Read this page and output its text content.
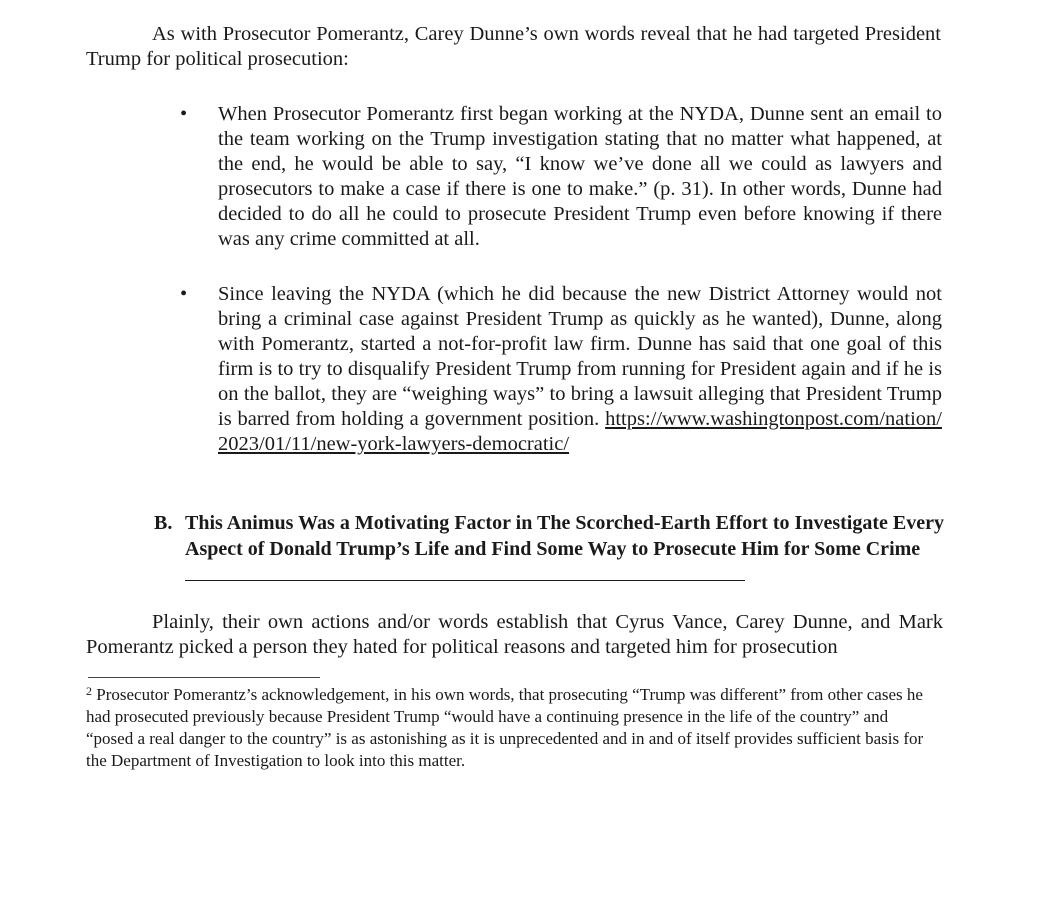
As with Prosecutor Pomerantz, Carey Dunne’s own words reveal that he had targeted President Trump for political prosecution:

• When Prosecutor Pomerantz first began working at the NYDA, Dunne sent an email to the team working on the Trump investigation stating that no matter what happened, at the end, he would be able to say, “I know we’ve done all we could as lawyers and prosecutors to make a case if there is one to make.” (p. 31). In other words, Dunne had decided to do all he could to prosecute President Trump even before knowing if there was any crime committed at all.

• Since leaving the NYDA (which he did because the new District Attorney would not bring a criminal case against President Trump as quickly as he wanted), Dunne, along with Pomerantz, started a not-for-profit law firm. Dunne has said that one goal of this firm is to try to disqualify President Trump from running for President again and if he is on the ballot, they are “weighing ways” to bring a lawsuit alleging that President Trump is barred from holding a government position. https://www.washingtonpost.com/nation/2023/01/11/new-york-lawyers-democratic/

B. This Animus Was a Motivating Factor in The Scorched-Earth Effort to Investigate Every Aspect of Donald Trump’s Life and Find Some Way to Prosecute Him for Some Crime

Plainly, their own actions and/or words establish that Cyrus Vance, Carey Dunne, and Mark Pomerantz picked a person they hated for political reasons and targeted him for prosecution

$^2$ Prosecutor Pomerantz’s acknowledgement, in his own words, that prosecuting “Trump was different” from other cases he had prosecuted previously because President Trump “would have a continuing presence in the life of the country” and “posed a real danger to the country” is as astonishing as it is unprecedented and in and of itself provides sufficient basis for the Department of Investigation to look into this matter.
